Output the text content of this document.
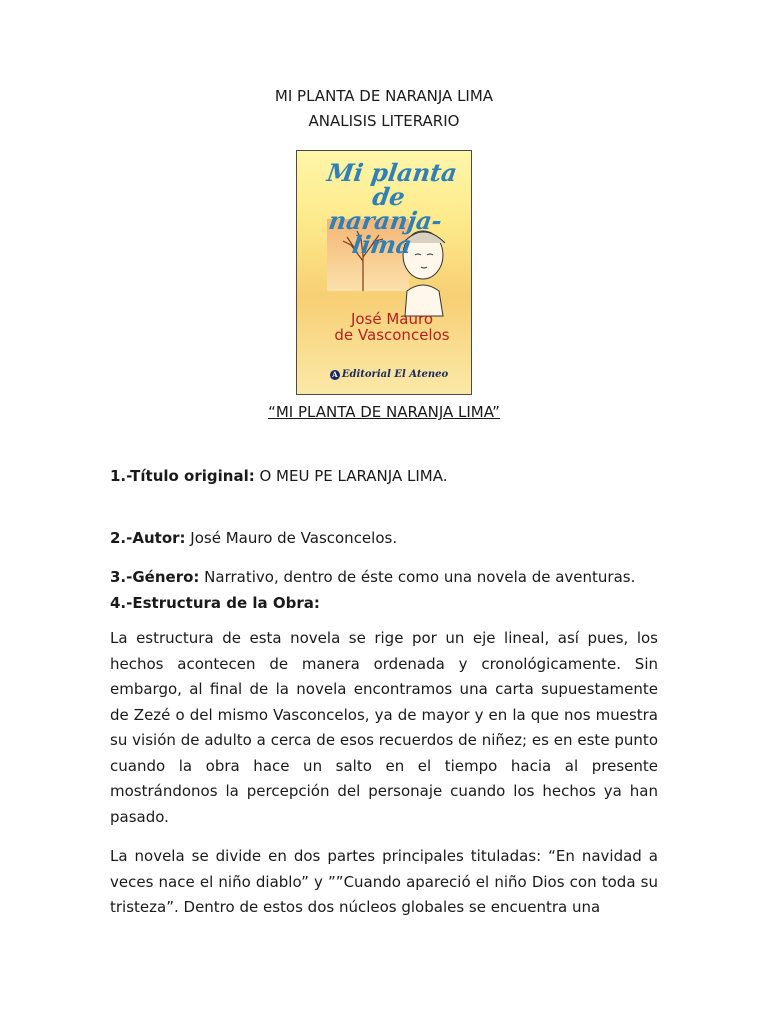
MI PLANTA DE NARANJA LIMA

ANALISIS LITERARIO

Mi planta de
naranja-lima
José Mauro
de Vasconcelos
A Editorial El Ateneo

“MI PLANTA DE NARANJA LIMA”

1.-Título original: O MEU PE LARANJA LIMA.

2.-Autor: José Mauro de Vasconcelos.

3.-Género: Narrativo, dentro de éste como una novela de aventuras.

4.-Estructura de la Obra:

La estructura de esta novela se rige por un eje lineal, así pues, los hechos acontecen de manera ordenada y cronológicamente. Sin embargo, al final de la novela encontramos una carta supuestamente de Zezé o del mismo Vasconcelos, ya de mayor y en la que nos muestra su visión de adulto a cerca de esos recuerdos de niñez; es en este punto cuando la obra hace un salto en el tiempo hacia al presente mostrándonos la percepción del personaje cuando los hechos ya han pasado.

La novela se divide en dos partes principales tituladas: “En navidad a veces nace el niño diablo” y ””Cuando apareció el niño Dios con toda su tristeza”. Dentro de estos dos núcleos globales se encuentra una
